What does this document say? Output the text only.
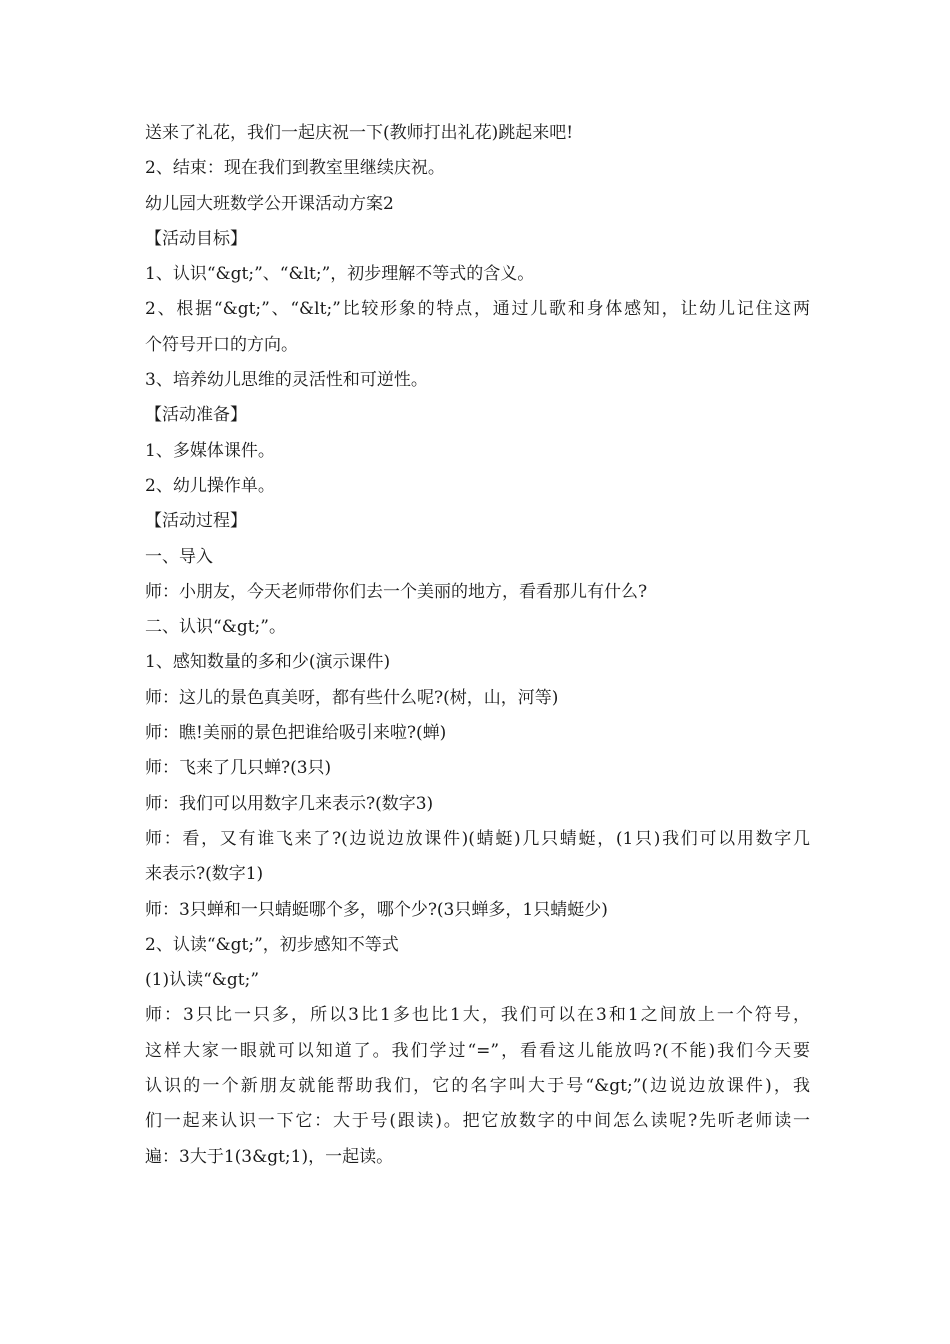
送来了礼花，我们一起庆祝一下(教师打出礼花)跳起来吧!
2、结束：现在我们到教室里继续庆祝。
幼儿园大班数学公开课活动方案2
【活动目标】
1、认识“&gt;”、“&lt;”，初步理解不等式的含义。
2、根据“&gt;”、“&lt;”比较形象的特点，通过儿歌和身体感知，让幼儿记住这两
个符号开口的方向。
3、培养幼儿思维的灵活性和可逆性。
【活动准备】
1、多媒体课件。
2、幼儿操作单。
【活动过程】
一、导入
师：小朋友，今天老师带你们去一个美丽的地方，看看那儿有什么?
二、认识“&gt;”。
1、感知数量的多和少(演示课件)
师：这儿的景色真美呀，都有些什么呢?(树，山，河等)
师：瞧!美丽的景色把谁给吸引来啦?(蝉)
师：飞来了几只蝉?(3只)
师：我们可以用数字几来表示?(数字3)
师：看，又有谁飞来了?(边说边放课件)(蜻蜓)几只蜻蜓，(1只)我们可以用数字几
来表示?(数字1)
师：3只蝉和一只蜻蜓哪个多，哪个少?(3只蝉多，1只蜻蜓少)
2、认读“&gt;”，初步感知不等式
(1)认读“&gt;”
师：3只比一只多，所以3比1多也比1大，我们可以在3和1之间放上一个符号，
这样大家一眼就可以知道了。我们学过“=”，看看这儿能放吗?(不能)我们今天要
认识的一个新朋友就能帮助我们，它的名字叫大于号“&gt;”(边说边放课件)，我
们一起来认识一下它：大于号(跟读)。把它放数字的中间怎么读呢?先听老师读一
遍：3大于1(3&gt;1)，一起读。
